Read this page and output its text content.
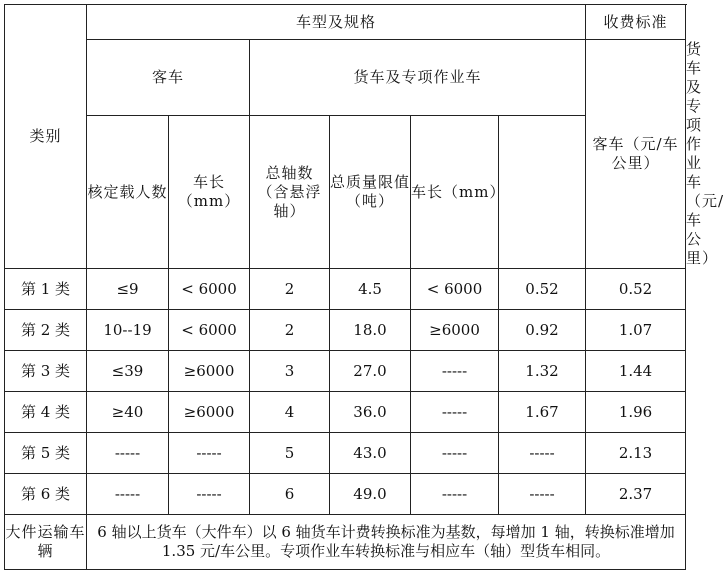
类别	车型及规格						收费标准	
	客车		货车及专项作业车				客车（元/车公里）	货车及专项作业车（元/车公里）
	核定载人数	车长（mm）	总轴数（含悬浮轴）	总质量限值（吨）	车长（mm）			
第 1 类	≤9	< 6000	2	4.5	< 6000	0.52	0.52	
第 2 类	10--19	< 6000	2	18.0	≥6000	0.92	1.07	
第 3 类	≤39	≥6000	3	27.0	-----	1.32	1.44	
第 4 类	≥40	≥6000	4	36.0	-----	1.67	1.96	
第 5 类	-----	-----	5	43.0	-----	-----	2.13	
第 6 类	-----	-----	6	49.0	-----	-----	2.37	
大件运输车辆	6 轴以上货车（大件车）以 6 轴货车计费转换标准为基数，每增加 1 轴，转换标准增加 1.35 元/车公里。专项作业车转换标准与相应车（轴）型货车相同。							
